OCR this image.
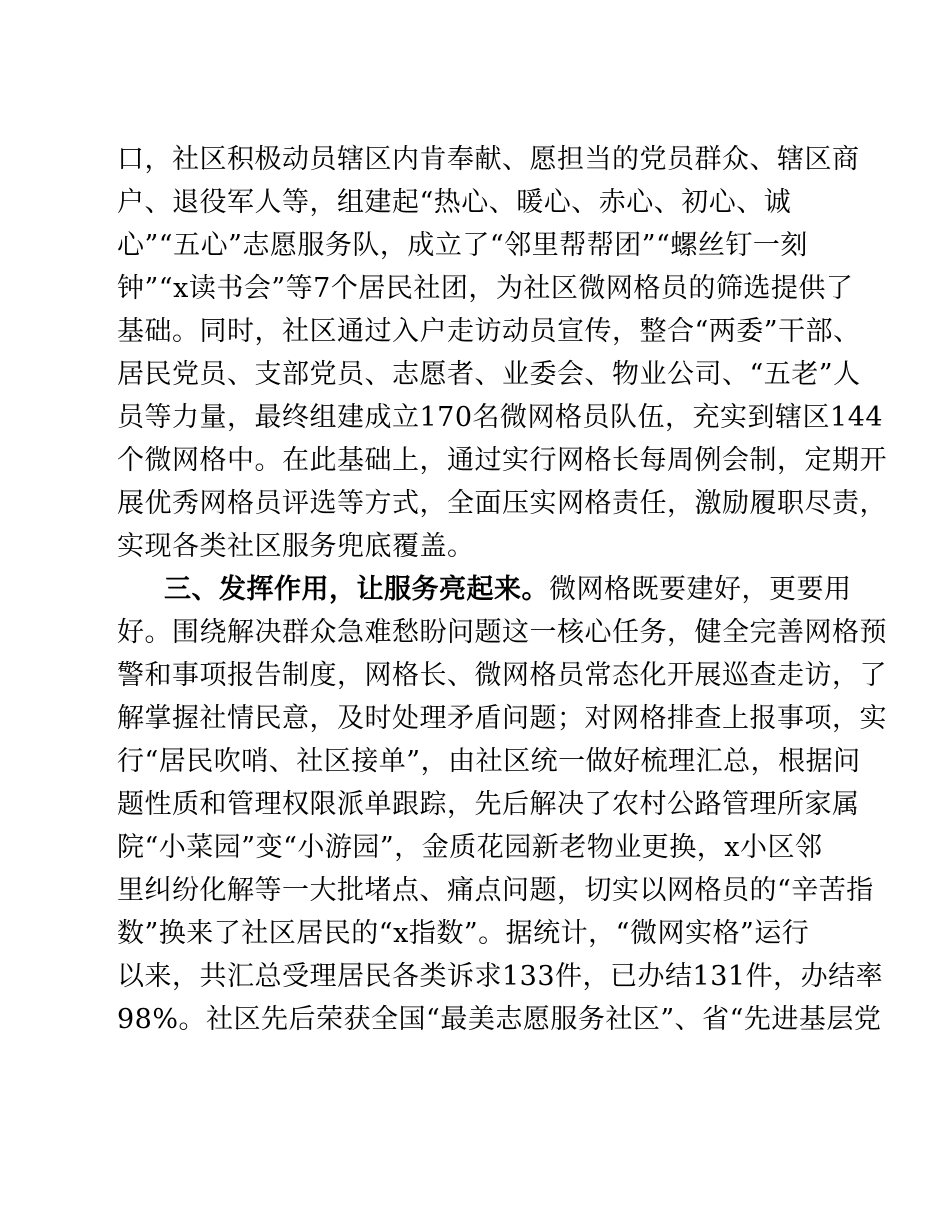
口，社区积极动员辖区内肯奉献、愿担当的党员群众、辖区商
户、退役军人等，组建起“热心、暖心、赤心、初心、诚
心”“五心”志愿服务队，成立了“邻里帮帮团”“螺丝钉一刻
钟”“x读书会”等7个居民社团，为社区微网格员的筛选提供了
基础。同时，社区通过入户走访动员宣传，整合“两委”干部、
居民党员、支部党员、志愿者、业委会、物业公司、“五老”人
员等力量，最终组建成立170名微网格员队伍，充实到辖区144
个微网格中。在此基础上，通过实行网格长每周例会制，定期开
展优秀网格员评选等方式，全面压实网格责任，激励履职尽责，
实现各类社区服务兜底覆盖。
三、发挥作用，让服务亮起来。微网格既要建好，更要用
好。围绕解决群众急难愁盼问题这一核心任务，健全完善网格预
警和事项报告制度，网格长、微网格员常态化开展巡查走访，了
解掌握社情民意，及时处理矛盾问题；对网格排查上报事项，实
行“居民吹哨、社区接单”，由社区统一做好梳理汇总，根据问
题性质和管理权限派单跟踪，先后解决了农村公路管理所家属
院“小菜园”变“小游园”，金质花园新老物业更换，x小区邻
里纠纷化解等一大批堵点、痛点问题，切实以网格员的“辛苦指
数”换来了社区居民的“x指数”。据统计，“微网实格”运行
以来，共汇总受理居民各类诉求133件，已办结131件，办结率
98%。社区先后荣获全国“最美志愿服务社区”、省“先进基层党
